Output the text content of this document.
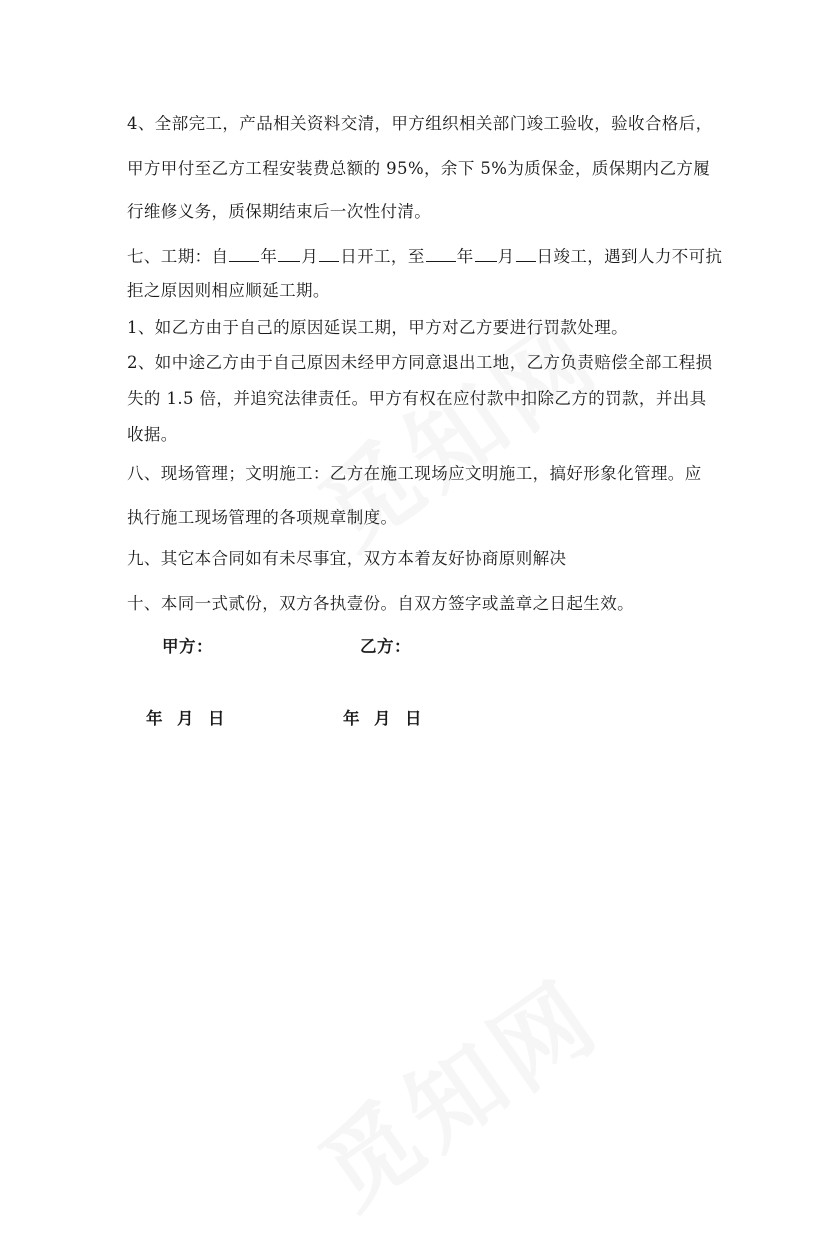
4、全部完工，产品相关资料交清，甲方组织相关部门竣工验收，验收合格后，
甲方甲付至乙方工程安装费总额的 95%，余下 5%为质保金，质保期内乙方履
行维修义务，质保期结束后一次性付清。
七、工期：自 年 月 日开工，至 年 月 日竣工，遇到人力不可抗
拒之原因则相应顺延工期。
1、如乙方由于自己的原因延误工期，甲方对乙方要进行罚款处理。
2、如中途乙方由于自己原因未经甲方同意退出工地，乙方负责赔偿全部工程损
失的 1.5 倍，并追究法律责任。甲方有权在应付款中扣除乙方的罚款，并出具
收据。
八、现场管理；文明施工：乙方在施工现场应文明施工，搞好形象化管理。应
执行施工现场管理的各项规章制度。
九、其它本合同如有未尽事宜，双方本着友好协商原则解决
十、本同一式贰份，双方各执壹份。自双方签字或盖章之日起生效。
甲方：	乙方：
年 月 日	年 月 日
